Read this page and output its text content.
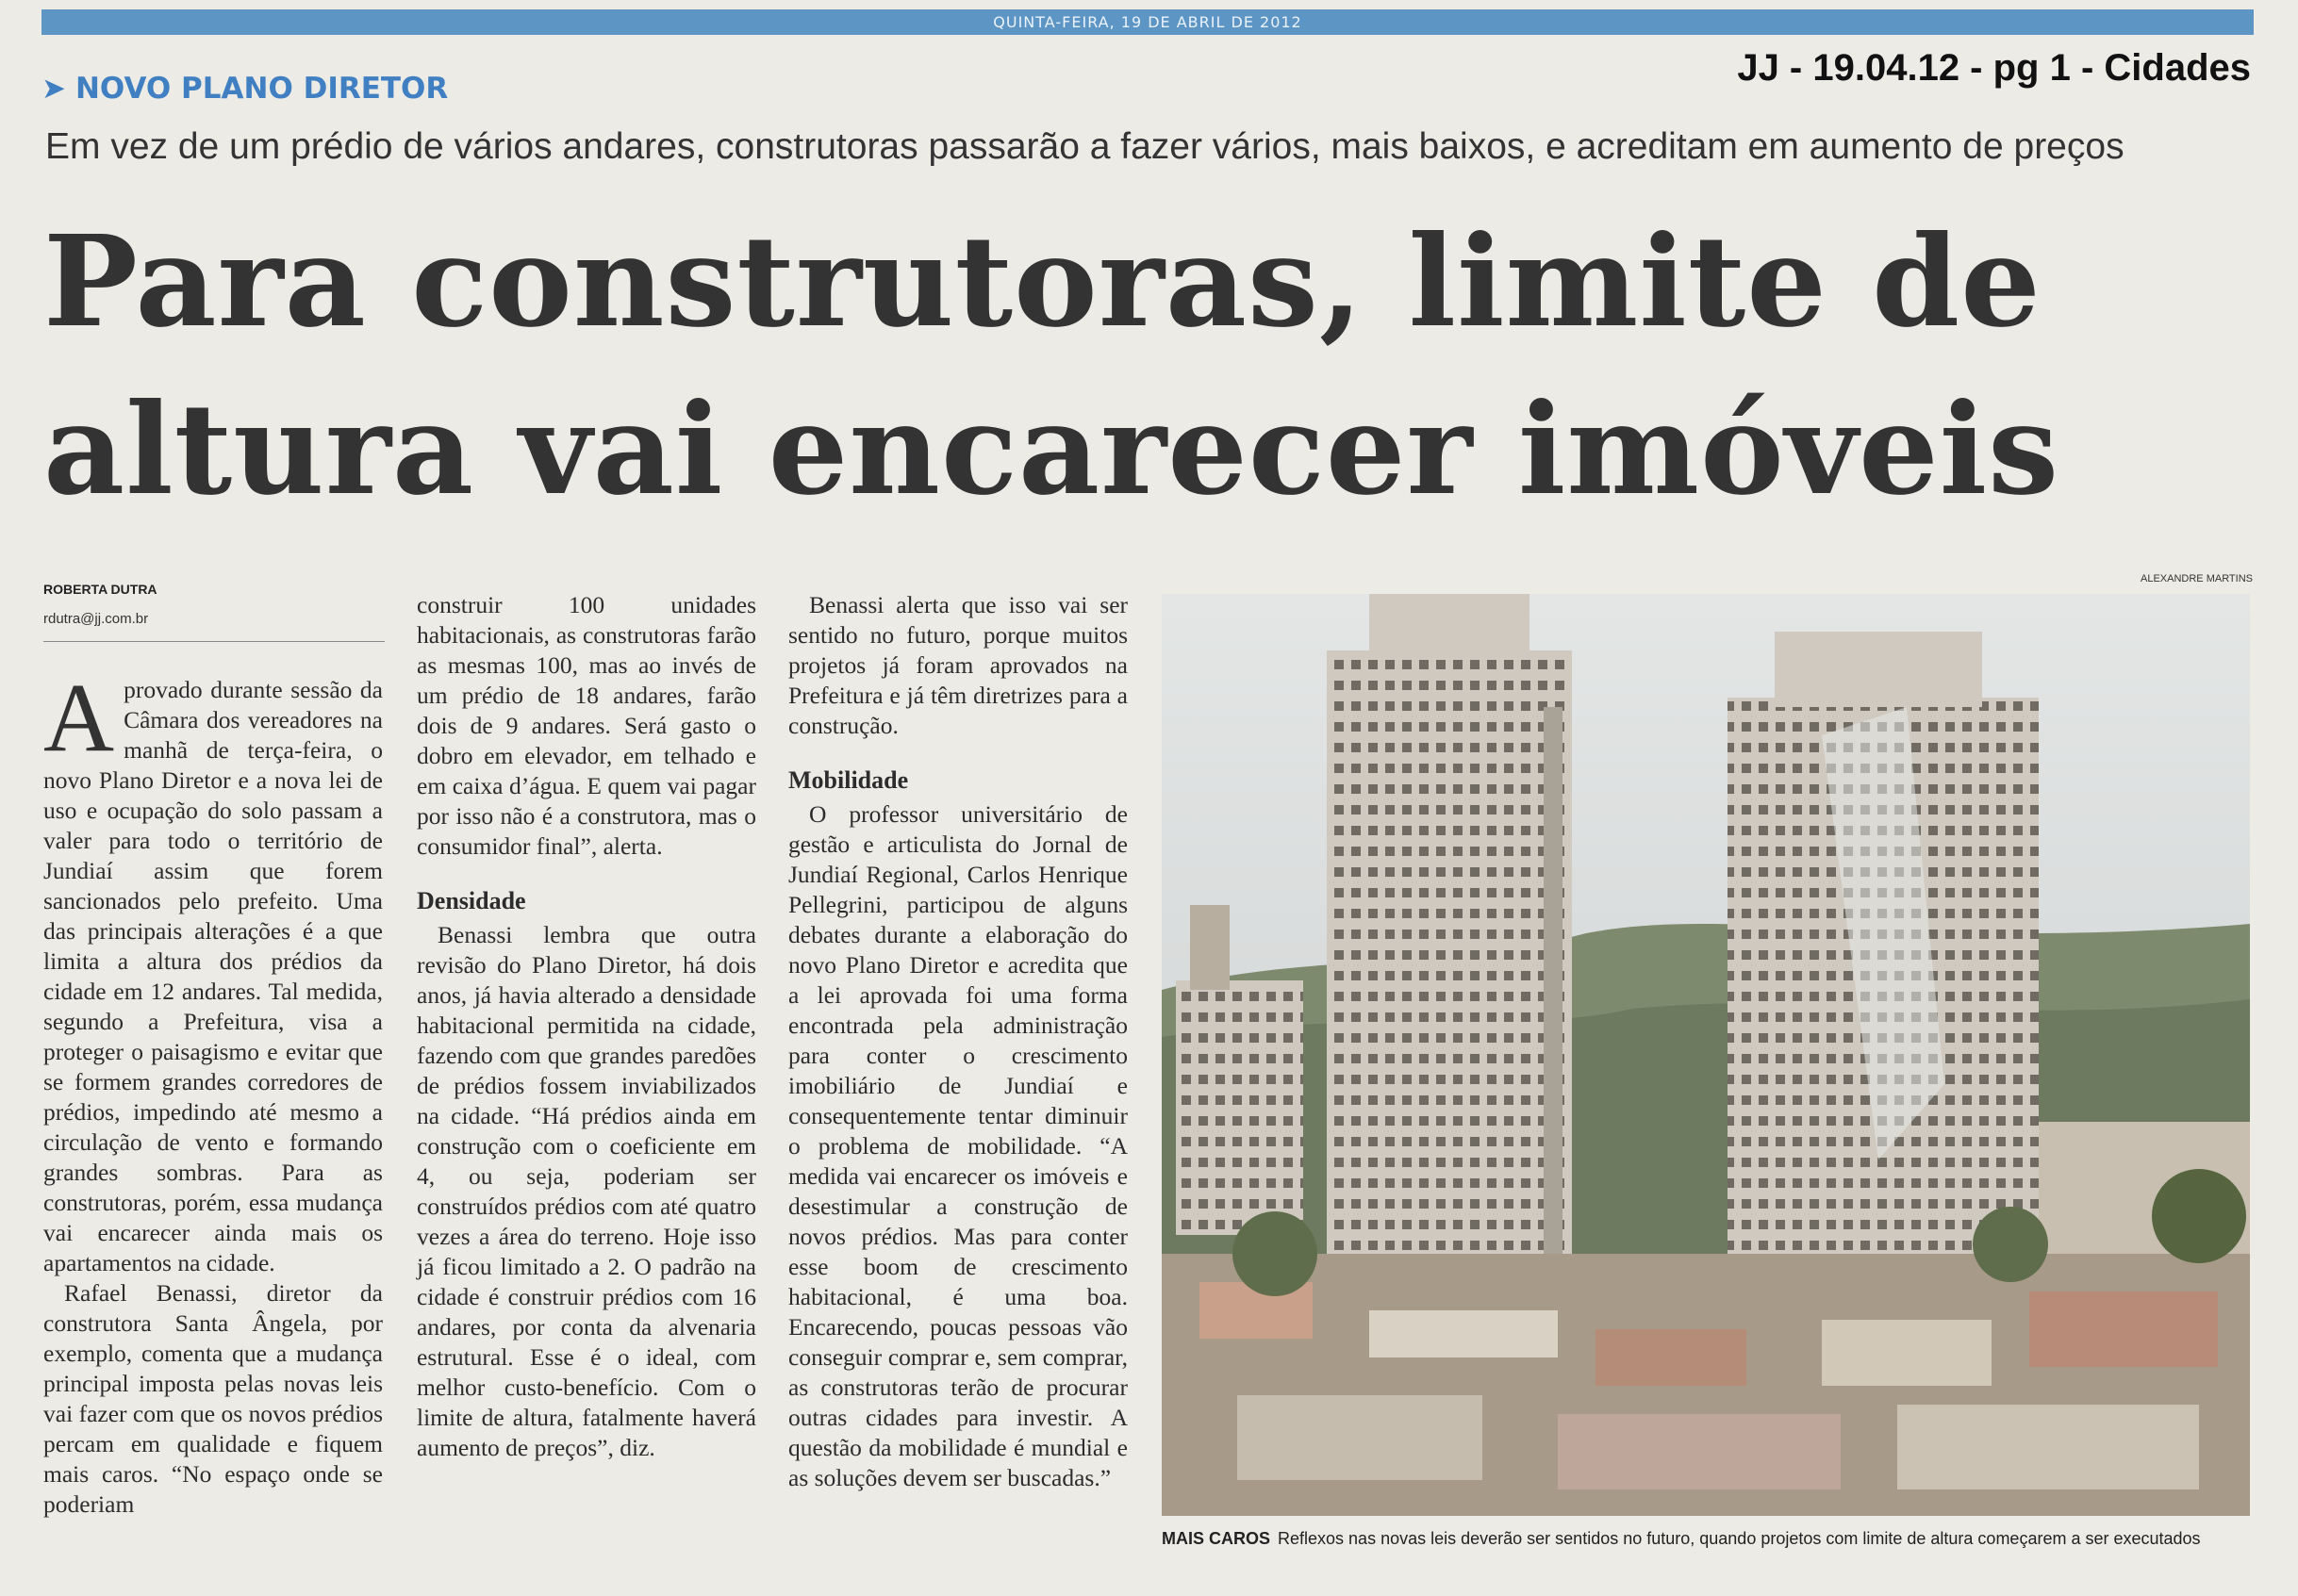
QUINTA-FEIRA, 19 DE ABRIL DE 2012
➤ NOVO PLANO DIRETOR	JJ - 19.04.12 - pg 1 - Cidades
Em vez de um prédio de vários andares, construtoras passarão a fazer vários, mais baixos, e acreditam em aumento de preços
Para construtoras, limite de
altura vai encarecer imóveis
ROBERTA DUTRA
rdutra@jj.com.br

Aprovado durante sessão da Câmara dos vereadores na manhã de terça-feira, o novo Plano Diretor e a nova lei de uso e ocupação do solo passam a valer para todo o território de Jundiaí assim que forem sancionados pelo prefeito. Uma das principais alterações é a que limita a altura dos prédios da cidade em 12 andares. Tal medida, segundo a Prefeitura, visa a proteger o paisagismo e evitar que se formem grandes corredores de prédios, impedindo até mesmo a circulação de vento e formando grandes sombras. Para as construtoras, porém, essa mudança vai encarecer ainda mais os apartamentos na cidade.

Rafael Benassi, diretor da construtora Santa Ângela, por exemplo, comenta que a mudança principal imposta pelas novas leis vai fazer com que os novos prédios percam em qualidade e fiquem mais caros. “No espaço onde se poderiam

construir 100 unidades habitacionais, as construtoras farão as mesmas 100, mas ao invés de um prédio de 18 andares, farão dois de 9 andares. Será gasto o dobro em elevador, em telhado e em caixa d’água. E quem vai pagar por isso não é a construtora, mas o consumidor final”, alerta.

Densidade

Benassi lembra que outra revisão do Plano Diretor, há dois anos, já havia alterado a densidade habitacional permitida na cidade, fazendo com que grandes paredões de prédios fossem inviabilizados na cidade. “Há prédios ainda em construção com o coeficiente em 4, ou seja, poderiam ser construídos prédios com até quatro vezes a área do terreno. Hoje isso já ficou limitado a 2. O padrão na cidade é construir prédios com 16 andares, por conta da alvenaria estrutural. Esse é o ideal, com melhor custo-benefício. Com o limite de altura, fatalmente haverá aumento de preços”, diz.

Benassi alerta que isso vai ser sentido no futuro, porque muitos projetos já foram aprovados na Prefeitura e já têm diretrizes para a construção.

Mobilidade

O professor universitário de gestão e articulista do Jornal de Jundiaí Regional, Carlos Henrique Pellegrini, participou de alguns debates durante a elaboração do novo Plano Diretor e acredita que a lei aprovada foi uma forma encontrada pela administração para conter o crescimento imobiliário de Jundiaí e consequentemente tentar diminuir o problema de mobilidade. “A medida vai encarecer os imóveis e desestimular a construção de novos prédios. Mas para conter esse boom de crescimento habitacional, é uma boa. Encarecendo, poucas pessoas vão conseguir comprar e, sem comprar, as construtoras terão de procurar outras cidades para investir. A questão da mobilidade é mundial e as soluções devem ser buscadas.”

ALEXANDRE MARTINS
MAIS CAROS Reflexos nas novas leis deverão ser sentidos no futuro, quando projetos com limite de altura começarem a ser executados
